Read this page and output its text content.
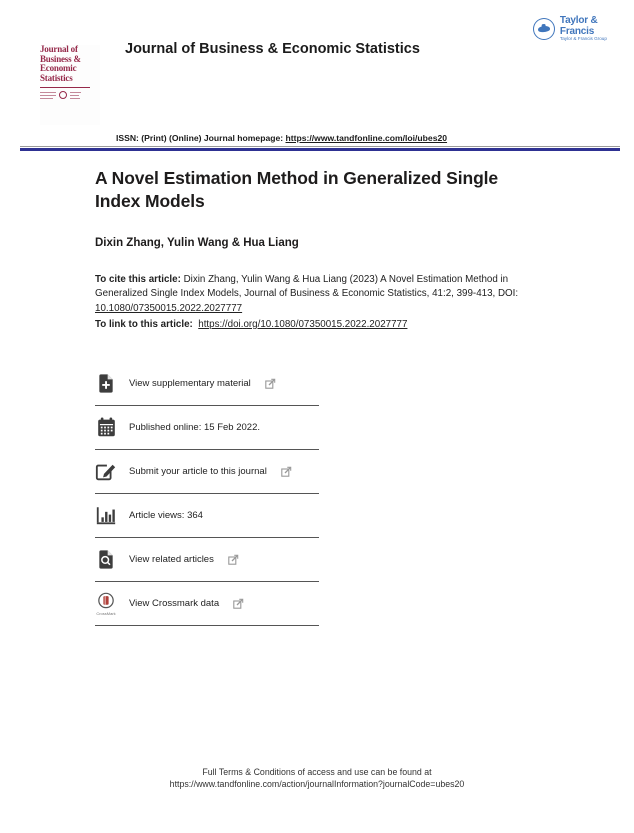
Taylor & Francis
Taylor & Francis Group
Journal of
Business &
Economic
Statistics
Journal of Business & Economic Statistics
ISSN: (Print) (Online) Journal homepage: https://www.tandfonline.com/loi/ubes20
A Novel Estimation Method in Generalized Single Index Models
Dixin Zhang, Yulin Wang & Hua Liang
To cite this article: Dixin Zhang, Yulin Wang & Hua Liang (2023) A Novel Estimation Method in Generalized Single Index Models, Journal of Business & Economic Statistics, 41:2, 399-413, DOI: 10.1080/07350015.2022.2027777
To link to this article: https://doi.org/10.1080/07350015.2022.2027777
View supplementary material
Published online: 15 Feb 2022.
Submit your article to this journal
Article views: 364
View related articles
CrossMark
View Crossmark data
Full Terms & Conditions of access and use can be found at
https://www.tandfonline.com/action/journalInformation?journalCode=ubes20
